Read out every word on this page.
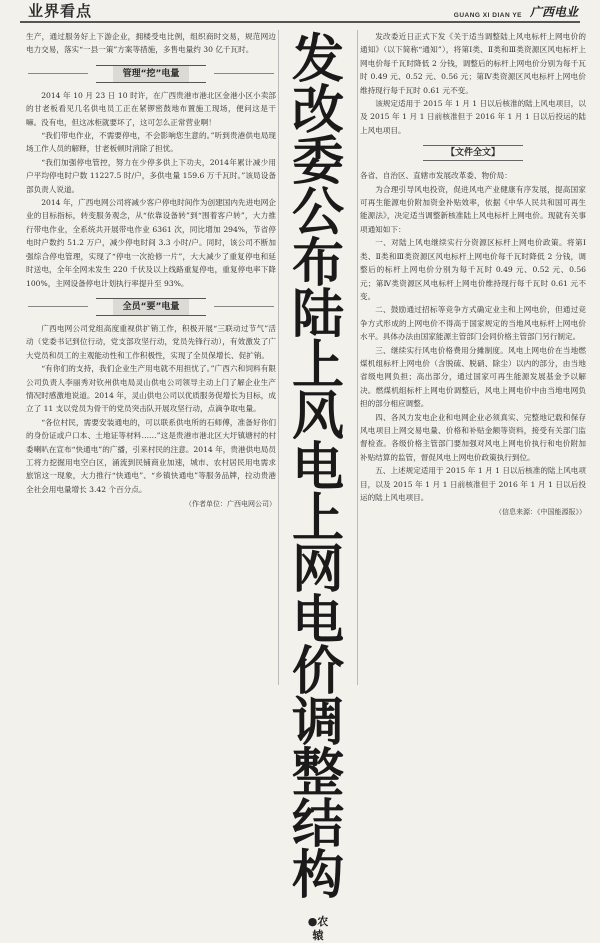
业界看点	GUANG XI DIAN YE 广西电业

生产，通过服务好上下游企业，拥楼受电比例，组织商时交易，规范网边电力交易，落实“一县一策”方案等措施，多售电量约 30 亿千瓦时。

管理“挖”电量

2014 年 10 月 23 日 10 时许，在广西贵港市港北区金港小区小卖部的甘老板看见几名供电员工正在紧锣密鼓地布置施工现场，便问这是干嘛。没有电，但这冰柜就要坏了，这可怎么正常营业啊！

“我们带电作业，不需要停电，不会影响您生意的。”听到贵港供电局现场工作人员的解释，甘老板顿时消除了担忧。

“我们加强停电管控，努力在少停多供上下功夫，2014年累计减少用户平均停电时户数 11227.5 时/户，多供电量 159.6 万千瓦时。”该局设备部负责人说道。

2014 年，广西电网公司将减少客户停电时间作为创建国内先进电网企业的目标指标，转变服务观念，从“依靠设备转”到“围着客户转”，大力推行带电作业，全系统共开展带电作业 6361 次，同比增加 294%，节省停电时户数约 51.2 万户，减少停电时间 3.3 小时/户。同时，该公司不断加强综合停电管理，实现了“停电一次抢修一片”，大大减少了重复停电和延时送电，全年全网未发生 220 千伏及以上线路重复停电，重复停电率下降 100%，主网设备停电计划执行率提升至 93%。

全员“要”电量

广西电网公司党组高度重视供扩销工作，积极开展“三联动过节气”活动（党委书记到位行动，党支部攻坚行动，党员先锋行动），有效激发了广大党员和员工的主观能动性和工作积极性，实现了全员保增长、促扩销。

“有你们的支持，我们企业生产用电就不用担忧了。”广西六和饲料有限公司负责人李丽秀对钦州供电局灵山供电公司领导主动上门了解企业生产情况时感激地说道。2014 年，灵山供电公司以优质服务促增长为目标，成立了 11 支以党员为骨干的党员突击队开展攻坚行动，点滴争取电量。

“各位村民，需要安装通电的，可以联系供电所的石师傅，准备好你们的身份证或户口本、土地证等材料……”这是贵港市港北区大圩镇塘村的村委喇叭在宣布“快通电”的广播，引来村民的注意。2014 年，贵港供电局员工将力挖掘用电空白区，涌流到民铺商业加速，城市、农村居民用电需求旅馆这一现象，大力推行“快通电”、“乡镇快通电”等服务品牌，拉动贵港全社会用电量增长 3.42 个百分点。

（作者单位：广西电网公司）

发
改
委
公
布
陆
上
风
电
上
网
电
价
调
整
结
构
●农
辕

发改委近日正式下发《关于适当调整陆上风电标杆上网电价的通知》（以下简称“通知”），将第Ⅰ类、Ⅱ类和Ⅲ类资源区风电标杆上网电价每千瓦时降低 2 分钱，调整后的标杆上网电价分别为每千瓦时 0.49 元、0.52 元、0.56 元；第Ⅳ类资源区风电标杆上网电价维持现行每千瓦时 0.61 元不变。

该规定适用于 2015 年 1 月 1 日以后核准的陆上风电项目，以及 2015 年 1 月 1 日前核准但于 2016 年 1 月 1 日以后投运的陆上风电项目。

【文件全文】

各省、自治区、直辖市发展改革委、物价局：

为合理引导风电投资，促进风电产业健康有序发展，提高国家可再生能源电价附加资金补贴效率，依据《中华人民共和国可再生能源法》，决定适当调整新核准陆上风电标杆上网电价。现就有关事项通知如下：

一、对陆上风电继续实行分资源区标杆上网电价政策。将第Ⅰ类、Ⅱ类和Ⅲ类资源区风电标杆上网电价每千瓦时降低 2 分钱，调整后的标杆上网电价分别为每千瓦时 0.49 元、0.52 元、0.56 元；第Ⅳ类资源区风电标杆上网电价维持现行每千瓦时 0.61 元不变。

二、鼓励通过招标等竞争方式确定业主和上网电价，但通过竞争方式形成的上网电价不得高于国家规定的当地风电标杆上网电价水平。具体办法由国家能源主管部门会同价格主管部门另行制定。

三、继续实行风电价格费用分摊制度。风电上网电价在当地燃煤机组标杆上网电价（含脱硫、脱硝、除尘）以内的部分，由当地省级电网负担；高出部分，通过国家可再生能源发展基金予以解决。燃煤机组标杆上网电价调整后，风电上网电价中由当地电网负担的部分相应调整。

四、各风力发电企业和电网企业必须真实、完整地记载和保存风电项目上网交易电量、价格和补贴金额等资料，接受有关部门监督检查。各级价格主管部门要加强对风电上网电价执行和电价附加补贴结算的监管，督促风电上网电价政策执行到位。

五、上述规定适用于 2015 年 1 月 1 日以后核准的陆上风电项目，以及 2015 年 1 月 1 日前核准但于 2016 年 1 月 1 日以后投运的陆上风电项目。

（信息来源：《中国能源报》）
